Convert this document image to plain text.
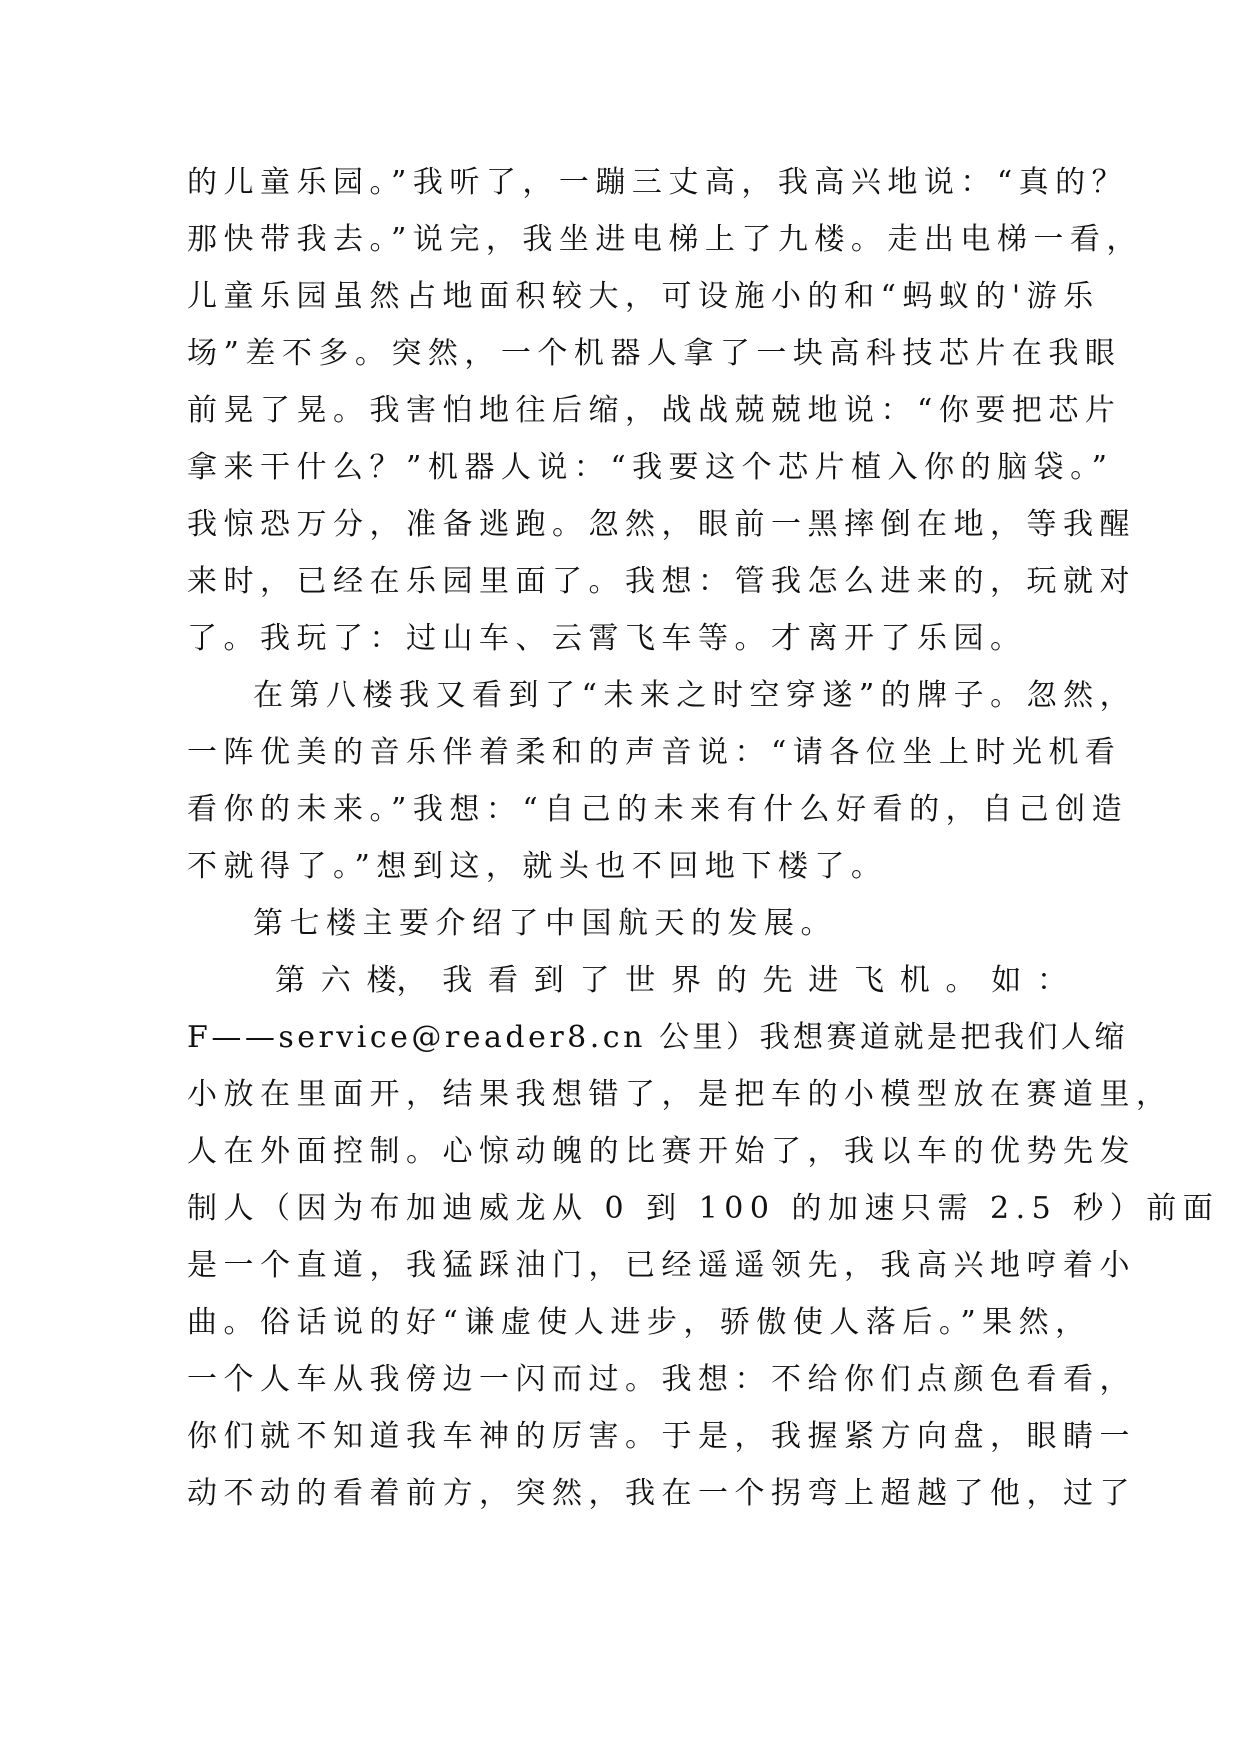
的儿童乐园。”我听了，一蹦三丈高，我高兴地说：“真的？
那快带我去。”说完，我坐进电梯上了九楼。走出电梯一看，
儿童乐园虽然占地面积较大，可设施小的和“蚂蚁的'游乐
场”差不多。突然，一个机器人拿了一块高科技芯片在我眼
前晃了晃。我害怕地往后缩，战战兢兢地说：“你要把芯片
拿来干什么？”机器人说：“我要这个芯片植入你的脑袋。”
我惊恐万分，准备逃跑。忽然，眼前一黑摔倒在地，等我醒
来时，已经在乐园里面了。我想：管我怎么进来的，玩就对
了。我玩了：过山车、云霄飞车等。才离开了乐园。
在第八楼我又看到了“未来之时空穿遂”的牌子。忽然，
一阵优美的音乐伴着柔和的声音说：“请各位坐上时光机看
看你的未来。”我想：“自己的未来有什么好看的，自己创造
不就得了。”想到这，就头也不回地下楼了。
第七楼主要介绍了中国航天的发展。
第 六 楼， 我 看 到 了 世 界 的 先 进 飞 机 。 如 ：
F——service@reader8.cn 公里）我想赛道就是把我们人缩
小放在里面开，结果我想错了，是把车的小模型放在赛道里，
人在外面控制。心惊动魄的比赛开始了，我以车的优势先发
制人（因为布加迪威龙从 0 到 100 的加速只需 2.5 秒）前面
是一个直道，我猛踩油门，已经遥遥领先，我高兴地哼着小
曲。俗话说的好“谦虚使人进步，骄傲使人落后。”果然，
一个人车从我傍边一闪而过。我想：不给你们点颜色看看，
你们就不知道我车神的厉害。于是，我握紧方向盘，眼睛一
动不动的看着前方，突然，我在一个拐弯上超越了他，过了
